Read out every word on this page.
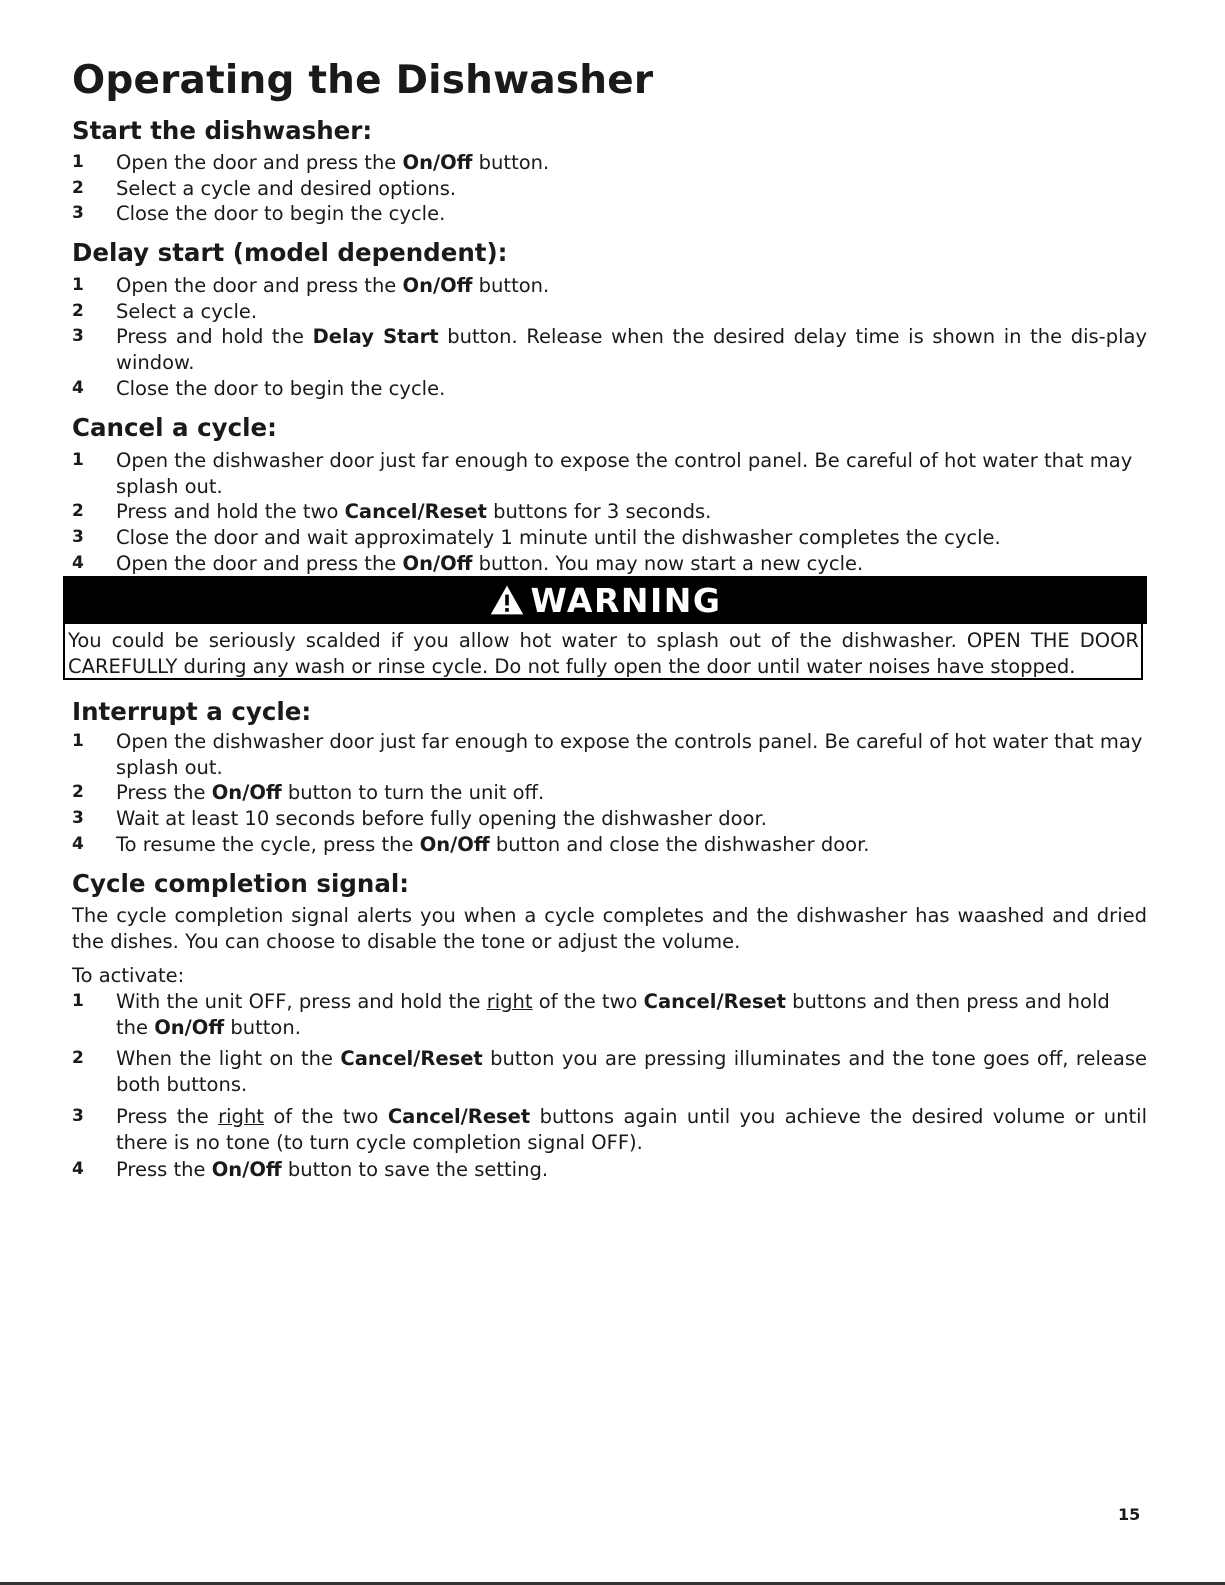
Operating the Dishwasher
Start the dishwasher:
1 Open the door and press the On/Off button.
2 Select a cycle and desired options.
3 Close the door to begin the cycle.
Delay start (model dependent):
1 Open the door and press the On/Off button.
2 Select a cycle.
3 Press and hold the Delay Start button. Release when the desired delay time is shown in the dis-play window.
4 Close the door to begin the cycle.
Cancel a cycle:
1 Open the dishwasher door just far enough to expose the control panel. Be careful of hot water that may splash out.
2 Press and hold the two Cancel/Reset buttons for 3 seconds.
3 Close the door and wait approximately 1 minute until the dishwasher completes the cycle.
4 Open the door and press the On/Off button. You may now start a new cycle.
WARNING
You could be seriously scalded if you allow hot water to splash out of the dishwasher. OPEN THE DOOR CAREFULLY during any wash or rinse cycle. Do not fully open the door until water noises have stopped.
Interrupt a cycle:
1 Open the dishwasher door just far enough to expose the controls panel. Be careful of hot water that may splash out.
2 Press the On/Off button to turn the unit off.
3 Wait at least 10 seconds before fully opening the dishwasher door.
4 To resume the cycle, press the On/Off button and close the dishwasher door.
Cycle completion signal:

The cycle completion signal alerts you when a cycle completes and the dishwasher has waashed and dried the dishes. You can choose to disable the tone or adjust the volume.

To activate:

1 With the unit OFF, press and hold the right of the two Cancel/Reset buttons and then press and hold the On/Off button.
2 When the light on the Cancel/Reset button you are pressing illuminates and the tone goes off, release both buttons.
3 Press the right of the two Cancel/Reset buttons again until you achieve the desired volume or until there is no tone (to turn cycle completion signal OFF).
4 Press the On/Off button to save the setting.
15
